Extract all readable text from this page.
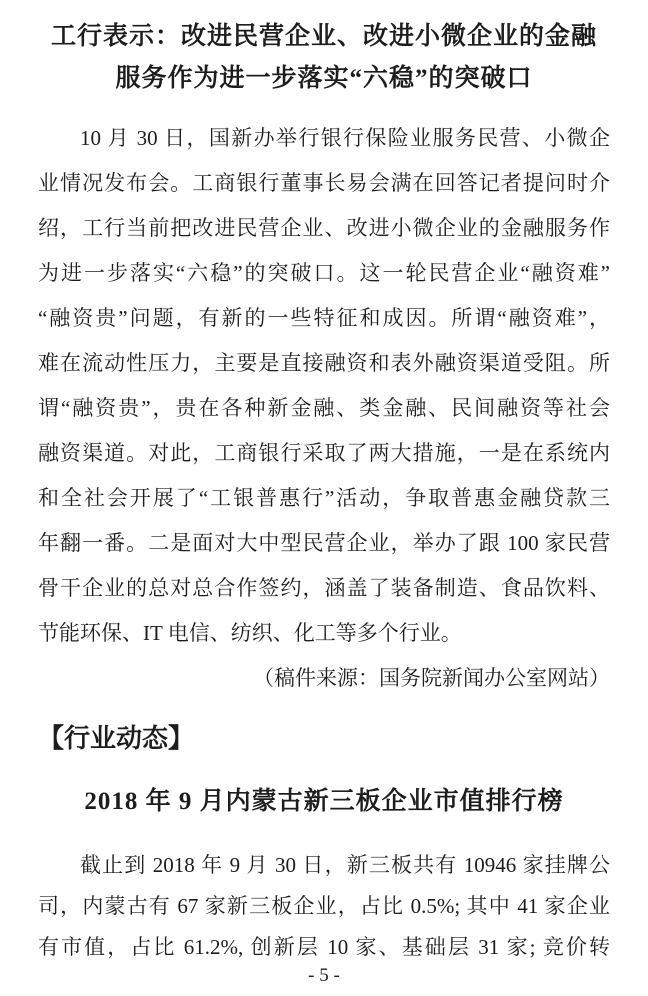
工行表示：改进民营企业、改进小微企业的金融
服务作为进一步落实“六稳”的突破口
10 月 30 日，国新办举行银行保险业服务民营、小微企
业情况发布会。工商银行董事长易会满在回答记者提问时介
绍，工行当前把改进民营企业、改进小微企业的金融服务作
为进一步落实“六稳”的突破口。这一轮民营企业“融资难”
“融资贵”问题，有新的一些特征和成因。所谓“融资难”，
难在流动性压力，主要是直接融资和表外融资渠道受阻。所
谓“融资贵”，贵在各种新金融、类金融、民间融资等社会
融资渠道。对此，工商银行采取了两大措施，一是在系统内
和全社会开展了“工银普惠行”活动，争取普惠金融贷款三
年翻一番。二是面对大中型民营企业，举办了跟 100 家民营
骨干企业的总对总合作签约，涵盖了装备制造、食品饮料、
节能环保、IT 电信、纺织、化工等多个行业。
（稿件来源：国务院新闻办公室网站）
【行业动态】
2018 年 9 月内蒙古新三板企业市值排行榜
截止到 2018 年 9 月 30 日，新三板共有 10946 家挂牌公
司，内蒙古有 67 家新三板企业，占比 0.5%; 其中 41 家企业
有市值，占比 61.2%, 创新层 10 家、基础层 31 家; 竞价转
- 5 -
